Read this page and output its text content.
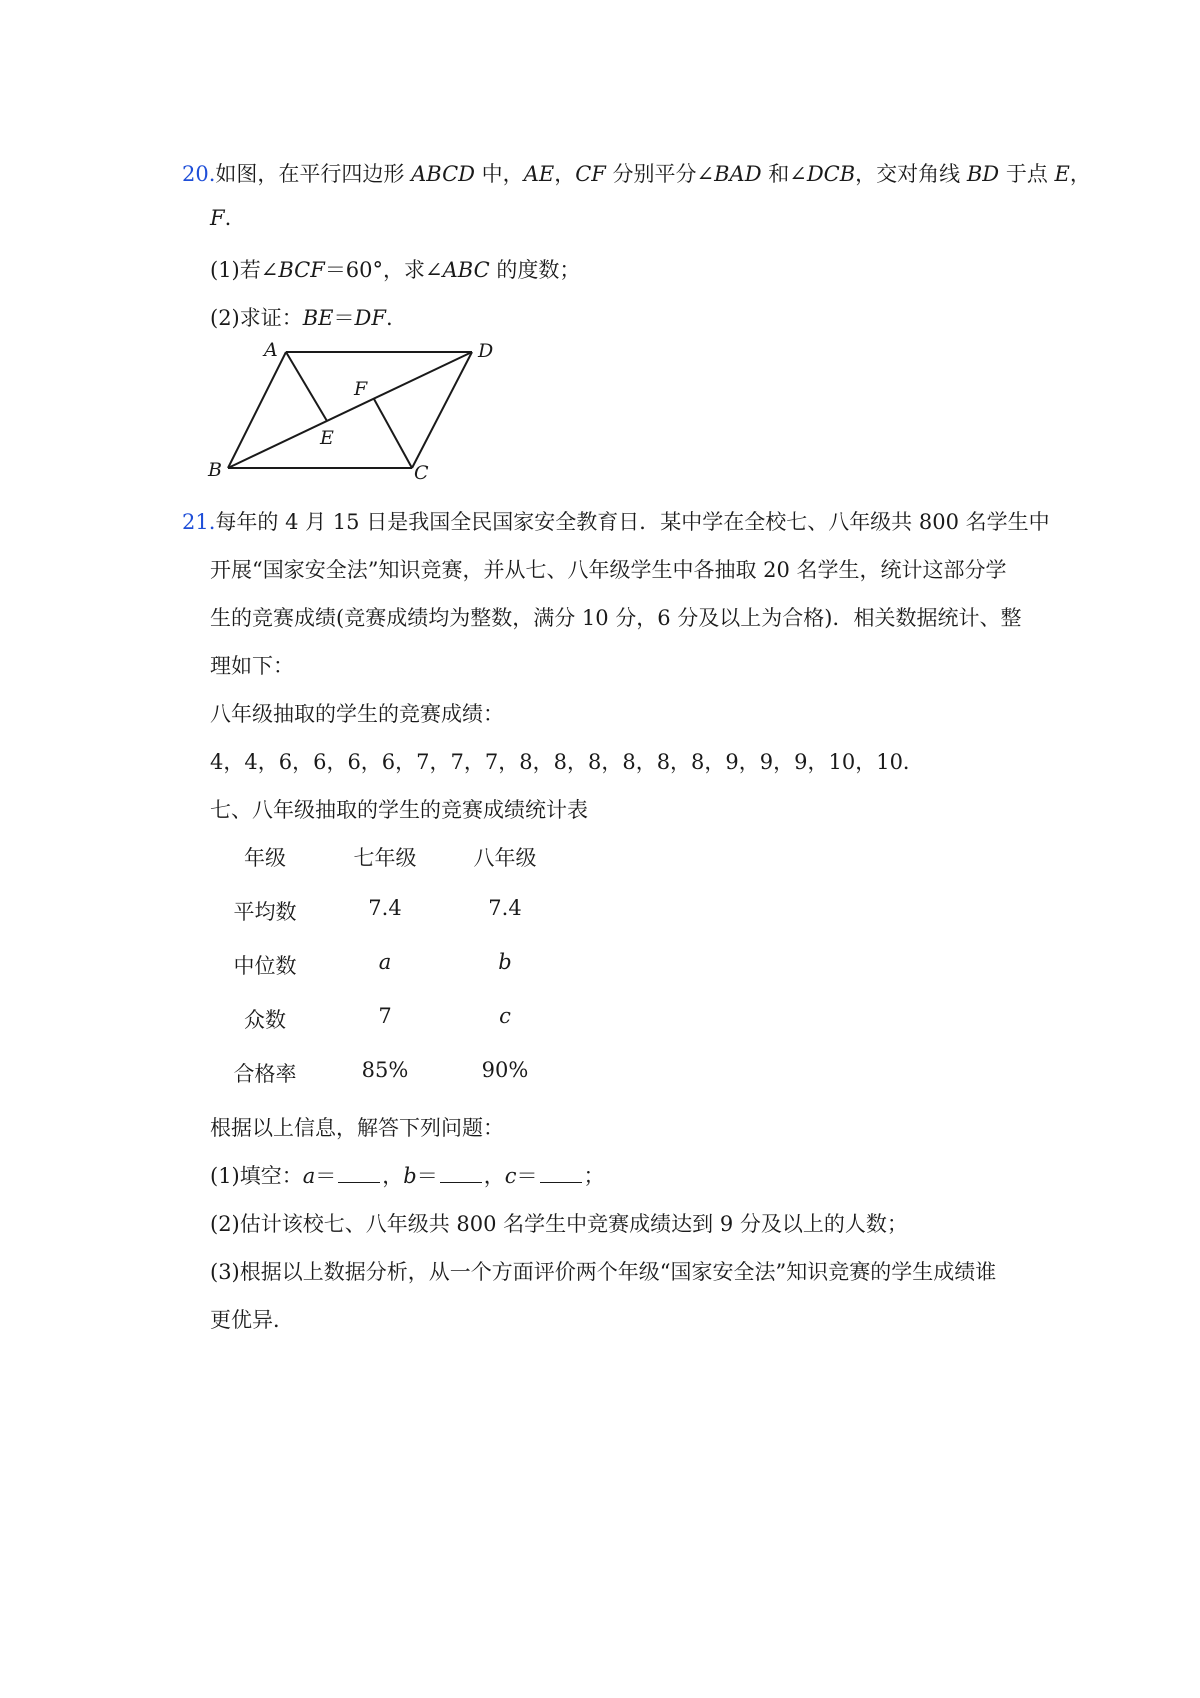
20.如图，在平行四边形 ABCD 中，AE，CF 分别平分∠BAD 和∠DCB，交对角线 BD 于点 E，
F.
(1)若∠BCF＝60°，求∠ABC 的度数；
(2)求证：BE＝DF.
A	D
B	C
E
F
21.每年的 4 月 15 日是我国全民国家安全教育日．某中学在全校七、八年级共 800 名学生中
开展“国家安全法”知识竞赛，并从七、八年级学生中各抽取 20 名学生，统计这部分学
生的竞赛成绩(竞赛成绩均为整数，满分 10 分，6 分及以上为合格)．相关数据统计、整
理如下：
八年级抽取的学生的竞赛成绩：
4，4，6，6，6，6，7，7，7，8，8，8，8，8，8，9，9，9，10，10．
七、八年级抽取的学生的竞赛成绩统计表
年级	七年级	八年级
平均数	7.4	7.4
中位数	a	b
众数	7	c
合格率	85%	90%
根据以上信息，解答下列问题：
(1)填空：a＝ ，b＝ ，c＝ ；
(2)估计该校七、八年级共 800 名学生中竞赛成绩达到 9 分及以上的人数；
(3)根据以上数据分析，从一个方面评价两个年级“国家安全法”知识竞赛的学生成绩谁
更优异．
